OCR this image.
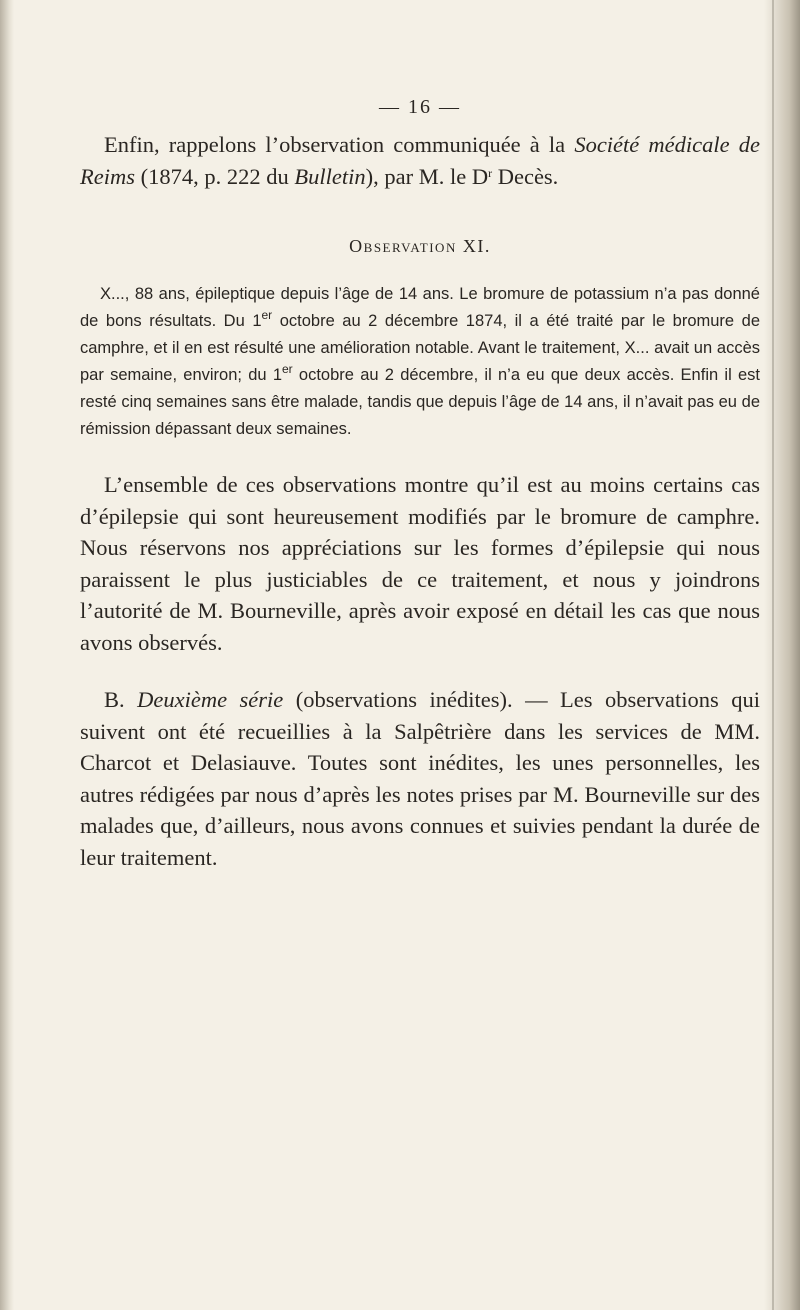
— 16 —

Enfin, rappelons l’observation communiquée à la Société médicale de Reims (1874, p. 222 du Bulletin), par M. le $D^r$ Decès.

Observation XI.

X..., 88 ans, épileptique depuis l’âge de 14 ans. Le bromure de potassium n’a pas donné de bons résultats. Du 1er octobre au 2 décembre 1874, il a été traité par le bromure de camphre, et il en est résulté une amélioration notable. Avant le traitement, X... avait un accès par semaine, environ; du 1er octobre au 2 décembre, il n’a eu que deux accès. Enfin il est resté cinq semaines sans être malade, tandis que depuis l’âge de 14 ans, il n’avait pas eu de rémission dépassant deux semaines.

L’ensemble de ces observations montre qu’il est au moins certains cas d’épilepsie qui sont heureusement modifiés par le bromure de camphre. Nous réservons nos appréciations sur les formes d’épilepsie qui nous paraissent le plus justiciables de ce traitement, et nous y joindrons l’autorité de M. Bourneville, après avoir exposé en détail les cas que nous avons observés.

B. Deuxième série (observations inédites). — Les observations qui suivent ont été recueillies à la Salpêtrière dans les services de MM. Charcot et Delasiauve. Toutes sont inédites, les unes personnelles, les autres rédigées par nous d’après les notes prises par M. Bourneville sur des malades que, d’ailleurs, nous avons connues et suivies pendant la durée de leur traitement.
